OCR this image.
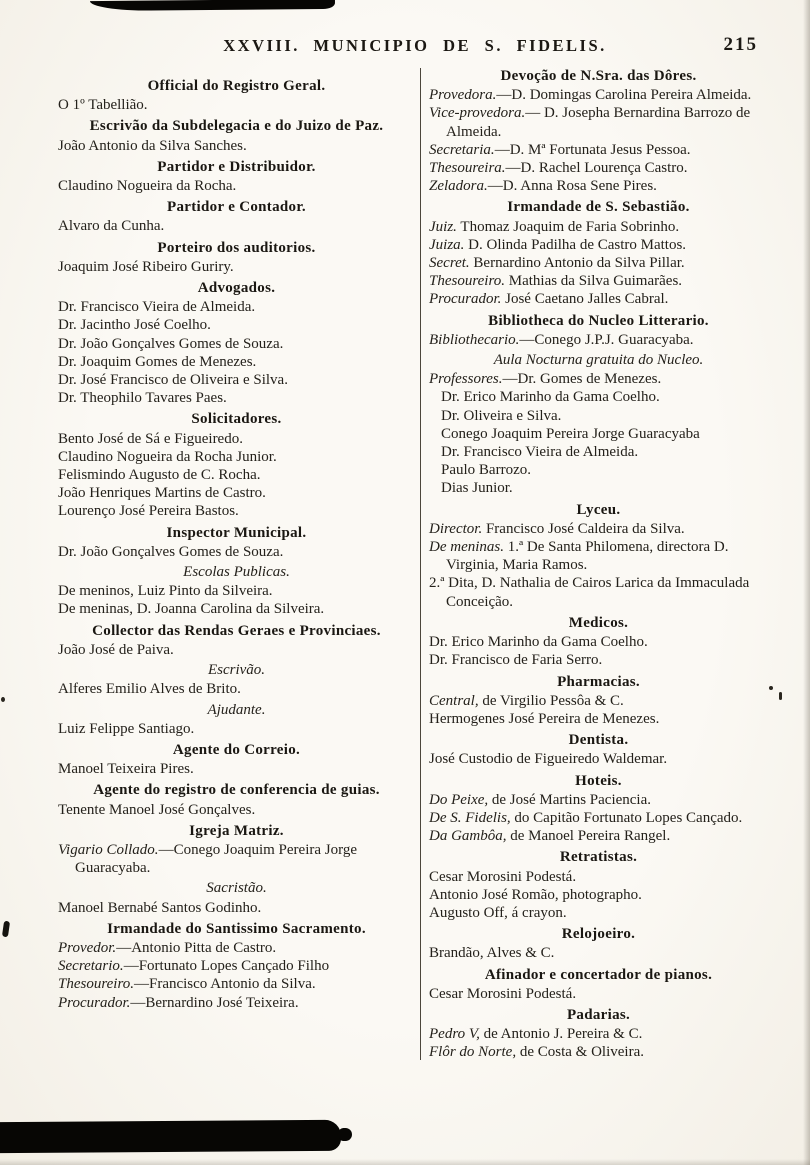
XXVIII. MUNICIPIO DE S. FIDELIS.	215

Official do Registro Geral.

O 1º Tabellião.

Escrivão da Subdelegacia e do Juizo de Paz.

João Antonio da Silva Sanches.

Partidor e Distribuidor.

Claudino Nogueira da Rocha.

Partidor e Contador.

Alvaro da Cunha.

Porteiro dos auditorios.

Joaquim José Ribeiro Guriry.

Advogados.

Dr. Francisco Vieira de Almeida.

Dr. Jacintho José Coelho.

Dr. João Gonçalves Gomes de Souza.

Dr. Joaquim Gomes de Menezes.

Dr. José Francisco de Oliveira e Silva.

Dr. Theophilo Tavares Paes.

Solicitadores.

Bento José de Sá e Figueiredo.

Claudino Nogueira da Rocha Junior.

Felismindo Augusto de C. Rocha.

João Henriques Martins de Castro.

Lourenço José Pereira Bastos.

Inspector Municipal.

Dr. João Gonçalves Gomes de Souza.

Escolas Publicas.

De meninos, Luiz Pinto da Silveira.

De meninas, D. Joanna Carolina da Silveira.

Collector das Rendas Geraes e Provinciaes.

João José de Paiva.

Escrivão.

Alferes Emilio Alves de Brito.

Ajudante.

Luiz Felippe Santiago.

Agente do Correio.

Manoel Teixeira Pires.

Agente do registro de conferencia de guias.

Tenente Manoel José Gonçalves.

Igreja Matriz.

Vigario Collado.—Conego Joaquim Pereira Jorge Guaracyaba.

Sacristão.

Manoel Bernabé Santos Godinho.

Irmandade do Santissimo Sacramento.

Provedor.—Antonio Pitta de Castro.

Secretario.—Fortunato Lopes Cançado Filho

Thesoureiro.—Francisco Antonio da Silva.

Procurador.—Bernardino José Teixeira.

Devoção de N.Sra. das Dôres.

Provedora.—D. Domingas Carolina Pereira Almeida.

Vice-provedora.— D. Josepha Bernardina Barrozo de Almeida.

Secretaria.—D. Mª Fortunata Jesus Pessoa.

Thesoureira.—D. Rachel Lourença Castro.

Zeladora.—D. Anna Rosa Sene Pires.

Irmandade de S. Sebastião.

Juiz. Thomaz Joaquim de Faria Sobrinho.

Juiza. D. Olinda Padilha de Castro Mattos.

Secret. Bernardino Antonio da Silva Pillar.

Thesoureiro. Mathias da Silva Guimarães.

Procurador. José Caetano Jalles Cabral.

Bibliotheca do Nucleo Litterario.

Bibliothecario.—Conego J.P.J. Guaracyaba.

Aula Nocturna gratuita do Nucleo.

Professores.—Dr. Gomes de Menezes.

Dr. Erico Marinho da Gama Coelho.

Dr. Oliveira e Silva.

Conego Joaquim Pereira Jorge Guaracyaba

Dr. Francisco Vieira de Almeida.

Paulo Barrozo.

Dias Junior.

Lyceu.

Director. Francisco José Caldeira da Silva.

De meninas. 1.ª De Santa Philomena, directora D. Virginia, Maria Ramos.

2.ª Dita, D. Nathalia de Cairos Larica da Immaculada Conceição.

Medicos.

Dr. Erico Marinho da Gama Coelho.

Dr. Francisco de Faria Serro.

Pharmacias.

Central, de Virgilio Pessôa & C.

Hermogenes José Pereira de Menezes.

Dentista.

José Custodio de Figueiredo Waldemar.

Hoteis.

Do Peixe, de José Martins Paciencia.

De S. Fidelis, do Capitão Fortunato Lopes Cançado.

Da Gambôa, de Manoel Pereira Rangel.

Retratistas.

Cesar Morosini Podestá.

Antonio José Romão, photographo.

Augusto Off, á crayon.

Relojoeiro.

Brandão, Alves & C.

Afinador e concertador de pianos.

Cesar Morosini Podestá.

Padarias.

Pedro V, de Antonio J. Pereira & C.

Flôr do Norte, de Costa & Oliveira.
